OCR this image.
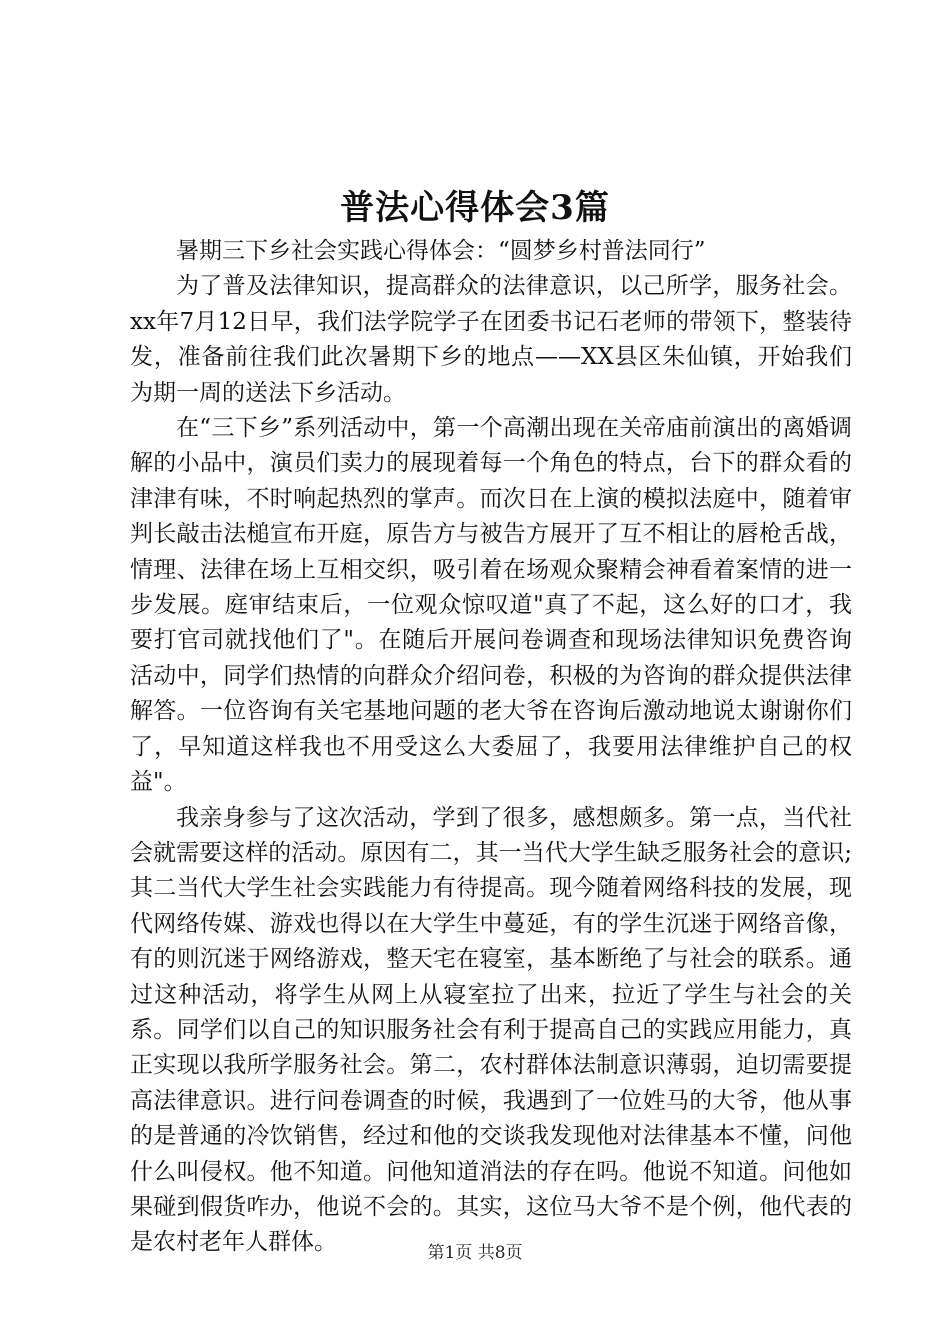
普法心得体会3篇

暑期三下乡社会实践心得体会：“圆梦乡村普法同行”

为了普及法律知识，提高群众的法律意识，以己所学，服务社会。xx年7月12日早，我们法学院学子在团委书记石老师的带领下，整装待发，准备前往我们此次暑期下乡的地点——XX县区朱仙镇，开始我们为期一周的送法下乡活动。

在“三下乡”系列活动中，第一个高潮出现在关帝庙前演出的离婚调解的小品中，演员们卖力的展现着每一个角色的特点，台下的群众看的津津有味，不时响起热烈的掌声。而次日在上演的模拟法庭中，随着审判长敲击法槌宣布开庭，原告方与被告方展开了互不相让的唇枪舌战，情理、法律在场上互相交织，吸引着在场观众聚精会神看着案情的进一步发展。庭审结束后，一位观众惊叹道"真了不起，这么好的口才，我要打官司就找他们了"。在随后开展问卷调查和现场法律知识免费咨询活动中，同学们热情的向群众介绍问卷，积极的为咨询的群众提供法律解答。一位咨询有关宅基地问题的老大爷在咨询后激动地说太谢谢你们了，早知道这样我也不用受这么大委屈了，我要用法律维护自己的权益"。

我亲身参与了这次活动，学到了很多，感想颇多。第一点，当代社会就需要这样的活动。原因有二，其一当代大学生缺乏服务社会的意识;其二当代大学生社会实践能力有待提高。现今随着网络科技的发展，现代网络传媒、游戏也得以在大学生中蔓延，有的学生沉迷于网络音像，有的则沉迷于网络游戏，整天宅在寝室，基本断绝了与社会的联系。通过这种活动，将学生从网上从寝室拉了出来，拉近了学生与社会的关系。同学们以自己的知识服务社会有利于提高自己的实践应用能力，真正实现以我所学服务社会。第二，农村群体法制意识薄弱，迫切需要提高法律意识。进行问卷调查的时候，我遇到了一位姓马的大爷，他从事的是普通的冷饮销售，经过和他的交谈我发现他对法律基本不懂，问他什么叫侵权。他不知道。问他知道消法的存在吗。他说不知道。问他如果碰到假货咋办，他说不会的。其实，这位马大爷不是个例，他代表的是农村老年人群体。	第1页 共8页
